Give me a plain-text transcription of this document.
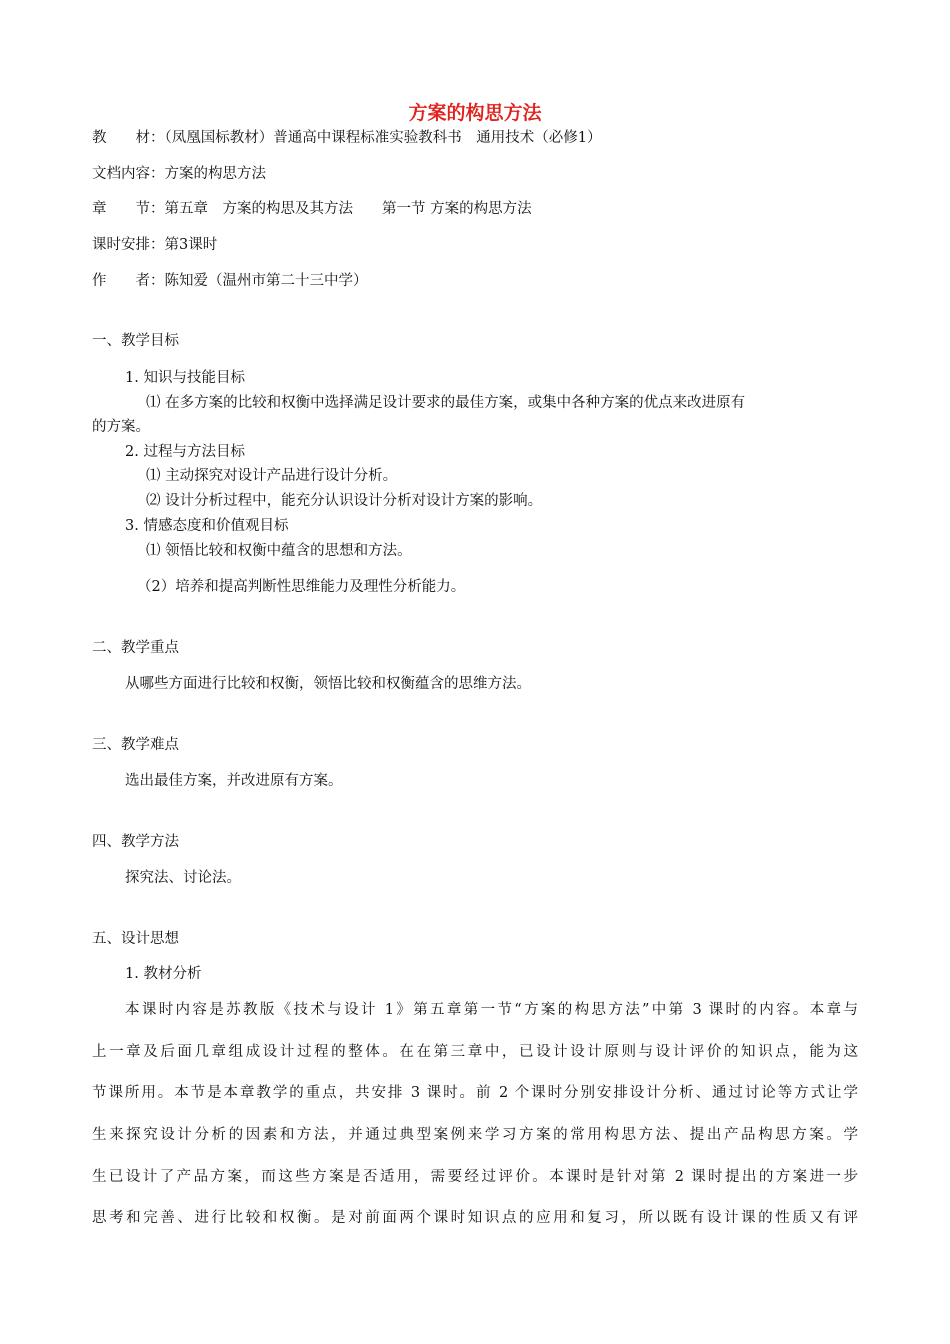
方案的构思方法
教　　材：（凤凰国标教材）普通高中课程标准实验教科书　通用技术（必修1）
文档内容：方案的构思方法
章　　节：第五章　方案的构思及其方法　　第一节 方案的构思方法
课时安排：第3课时
作　　者：陈知爱（温州市第二十三中学）
一、教学目标
1. 知识与技能目标
⑴ 在多方案的比较和权衡中选择满足设计要求的最佳方案，或集中各种方案的优点来改进原有
的方案。
2. 过程与方法目标
⑴ 主动探究对设计产品进行设计分析。
⑵ 设计分析过程中，能充分认识设计分析对设计方案的影响。
3. 情感态度和价值观目标
⑴ 领悟比较和权衡中蕴含的思想和方法。
（2）培养和提高判断性思维能力及理性分析能力。
二、教学重点
从哪些方面进行比较和权衡，领悟比较和权衡蕴含的思维方法。
三、教学难点
选出最佳方案，并改进原有方案。
四、教学方法
探究法、讨论法。
五、设计思想
1. 教材分析
本课时内容是苏教版《技术与设计 1》第五章第一节“方案的构思方法”中第 3 课时的内容。本章与
上一章及后面几章组成设计过程的整体。在在第三章中，已设计设计原则与设计评价的知识点，能为这
节课所用。本节是本章教学的重点，共安排 3 课时。前 2 个课时分别安排设计分析、通过讨论等方式让学
生来探究设计分析的因素和方法，并通过典型案例来学习方案的常用构思方法、提出产品构思方案。学
生已设计了产品方案，而这些方案是否适用，需要经过评价。本课时是针对第 2 课时提出的方案进一步
思考和完善、进行比较和权衡。是对前面两个课时知识点的应用和复习，所以既有设计课的性质又有评
